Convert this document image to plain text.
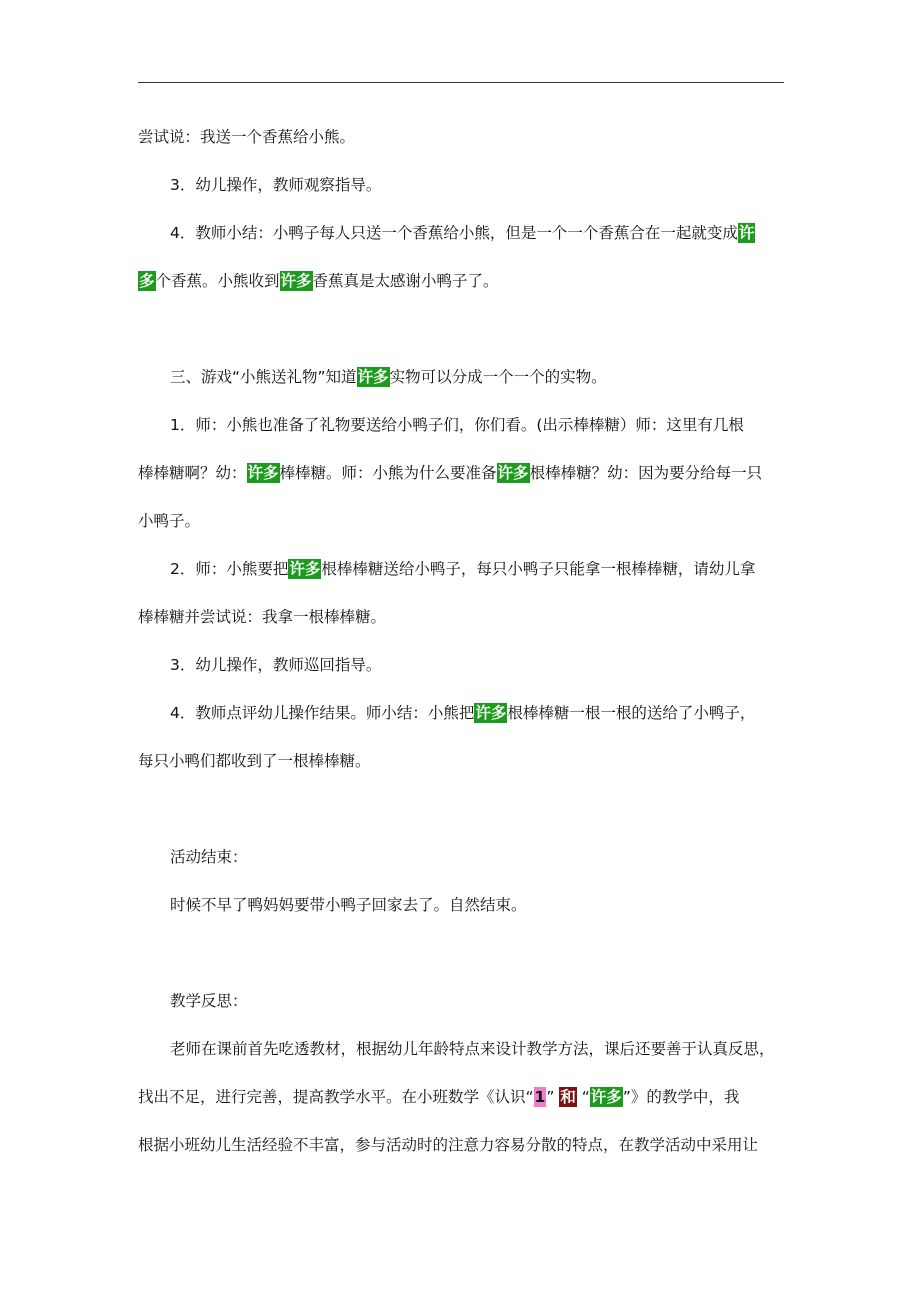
尝试说：我送一个香蕉给小熊。
3．幼儿操作，教师观察指导。
4．教师小结：小鸭子每人只送一个香蕉给小熊，但是一个一个香蕉合在一起就变成许
多个香蕉。小熊收到许多香蕉真是太感谢小鸭子了。
三、游戏“小熊送礼物”知道许多实物可以分成一个一个的实物。
1．师：小熊也准备了礼物要送给小鸭子们，你们看。(出示棒棒糖）师：这里有几根
棒棒糖啊？幼：许多棒棒糖。师：小熊为什么要准备许多根棒棒糖？幼：因为要分给每一只
小鸭子。
2．师：小熊要把许多根棒棒糖送给小鸭子，每只小鸭子只能拿一根棒棒糖，请幼儿拿
棒棒糖并尝试说：我拿一根棒棒糖。
3．幼儿操作，教师巡回指导。
4．教师点评幼儿操作结果。师小结：小熊把许多根棒棒糖一根一根的送给了小鸭子，
每只小鸭们都收到了一根棒棒糖。
活动结束：
时候不早了鸭妈妈要带小鸭子回家去了。自然结束。
教学反思：
老师在课前首先吃透教材，根据幼儿年龄特点来设计教学方法，课后还要善于认真反思，
找出不足，进行完善，提高教学水平。在小班数学《认识“1” 和 “许多”》的教学中，我
根据小班幼儿生活经验不丰富，参与活动时的注意力容易分散的特点，在教学活动中采用让
